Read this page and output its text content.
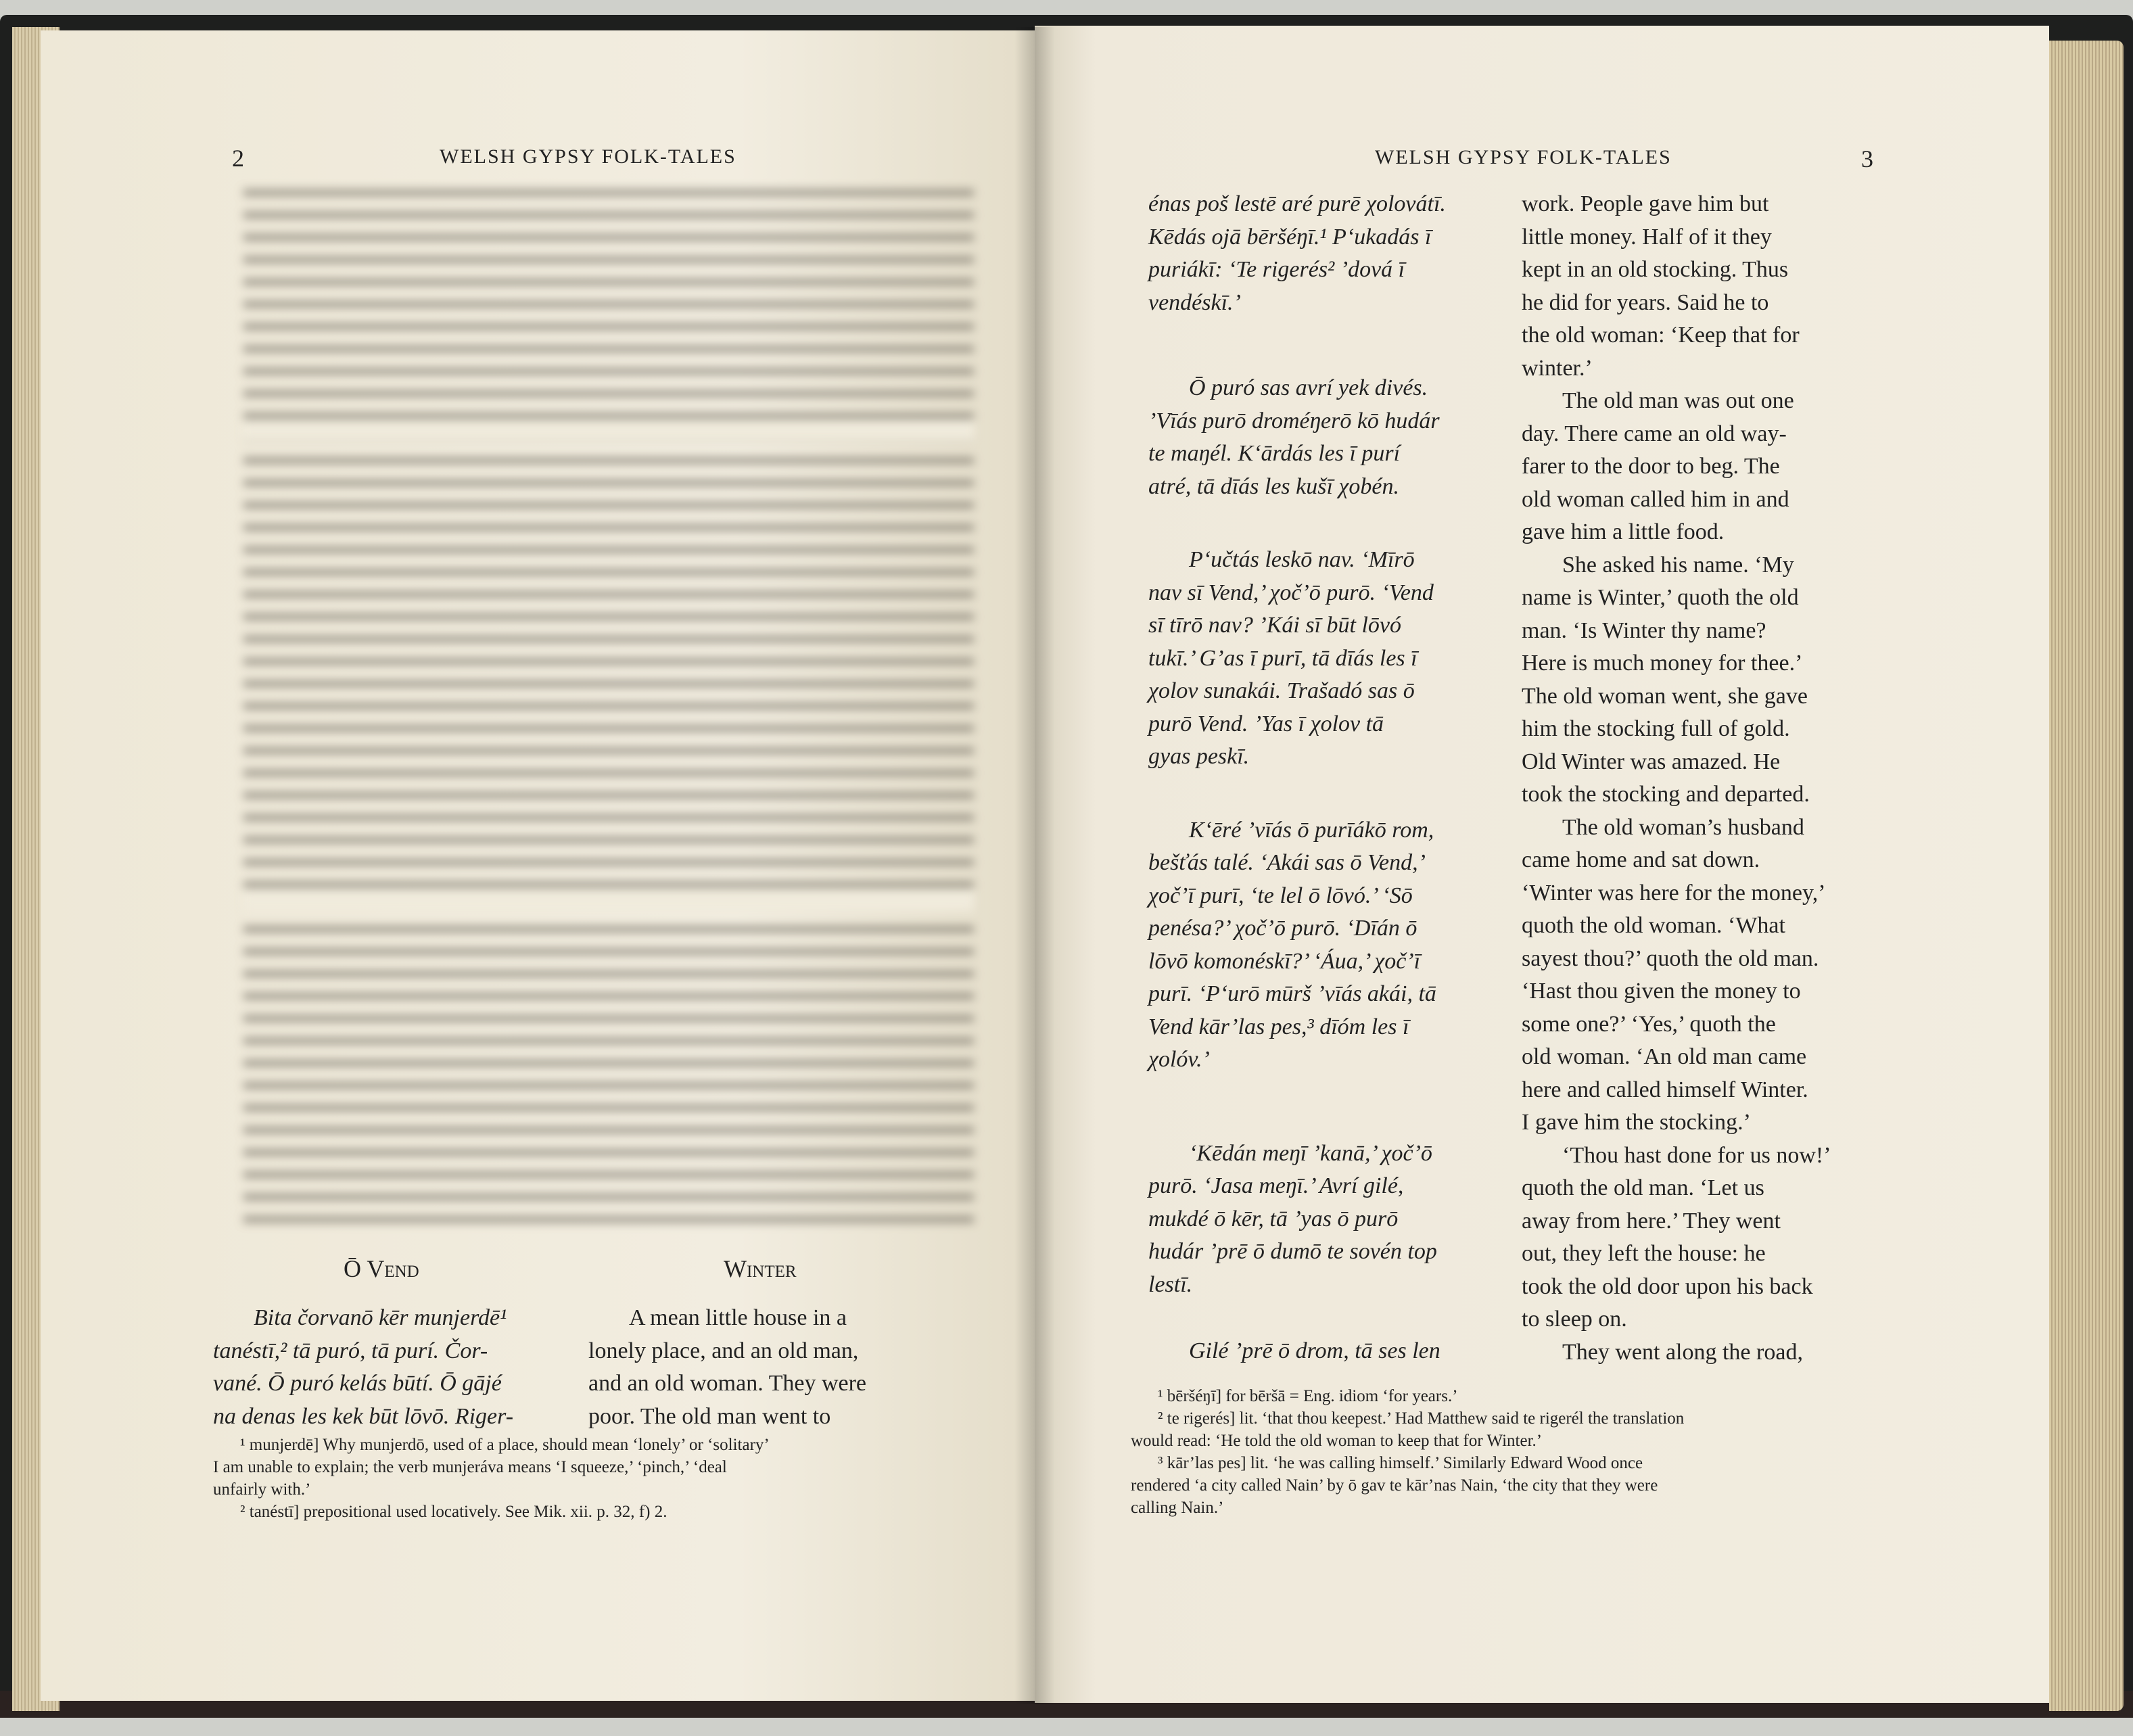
2	WELSH GYPSY FOLK-TALES
Ō Vend	Winter

Bita čorvanō kēr munjerdē¹

tanéstī,² tā puró, tā purí. Čor-

vané. Ō puró kelás būtí. Ō gājé

na denas les kek būt lōvō. Riger-

A mean little house in a

lonely place, and an old man,

and an old woman. They were

poor. The old man went to

¹ munjerdē] Why munjerdō, used of a place, should mean ‘lonely’ or ‘solitary’

I am unable to explain; the verb munjeráva means ‘I squeeze,’ ‘pinch,’ ‘deal

unfairly with.’

² tanéstī] prepositional used locatively. See Mik. xii. p. 32, f) 2.

WELSH GYPSY FOLK-TALES	3

énas poš lestē aré purē χolovátī.

Kēdás ojā bēršéŋī.¹ Pʻukadás ī

puriákī: ‘Te rigerés² ’dová ī

vendéskī.’

Ō puró sas avrí yek divés.

’Vīás purō droméŋerō kō hudár

te maŋél. Kʻārdás les ī purí

atré, tā dīás les kušī χobén.

Pʻučtás leskō nav. ‘Mīrō

nav sī Vend,’ χoč’ō purō. ‘Vend

sī tīrō nav? ’Kái sī būt lōvó

tukī.’ G’as ī purī, tā dīás les ī

χolov sunakái. Trašadó sas ō

purō Vend. ’Yas ī χolov tā

gyas peskī.

Kʻēré ’vīás ō purīákō rom,

bešťás talé. ‘Akái sas ō Vend,’

χoč’ī purī, ‘te lel ō lōvó.’ ‘Sō

penésa?’ χoč’ō purō. ‘Dīán ō

lōvō komonéskī?’ ‘Áua,’ χoč’ī

purī. ‘Pʻurō mūrš ’vīás akái, tā

Vend kār’las pes,³ dīóm les ī

χolóv.’

‘Kēdán meŋī ’kanā,’ χoč’ō

purō. ‘Jasa meŋī.’ Avrí gilé,

mukdé ō kēr, tā ’yas ō purō

hudár ’prē ō dumō te sovén top

lestī.

Gilé ’prē ō drom, tā ses len

work. People gave him but

little money. Half of it they

kept in an old stocking. Thus

he did for years. Said he to

the old woman: ‘Keep that for

winter.’

The old man was out one

day. There came an old way-

farer to the door to beg. The

old woman called him in and

gave him a little food.

She asked his name. ‘My

name is Winter,’ quoth the old

man. ‘Is Winter thy name?

Here is much money for thee.’

The old woman went, she gave

him the stocking full of gold.

Old Winter was amazed. He

took the stocking and departed.

The old woman’s husband

came home and sat down.

‘Winter was here for the money,’

quoth the old woman. ‘What

sayest thou?’ quoth the old man.

‘Hast thou given the money to

some one?’ ‘Yes,’ quoth the

old woman. ‘An old man came

here and called himself Winter.

I gave him the stocking.’

‘Thou hast done for us now!’

quoth the old man. ‘Let us

away from here.’ They went

out, they left the house: he

took the old door upon his back

to sleep on.

They went along the road,

¹ bēršéŋī] for bēršā = Eng. idiom ‘for years.’

² te rigerés] lit. ‘that thou keepest.’ Had Matthew said te rigerél the translation

would read: ‘He told the old woman to keep that for Winter.’

³ kār’las pes] lit. ‘he was calling himself.’ Similarly Edward Wood once

rendered ‘a city called Nain’ by ō gav te kār’nas Nain, ‘the city that they were

calling Nain.’
